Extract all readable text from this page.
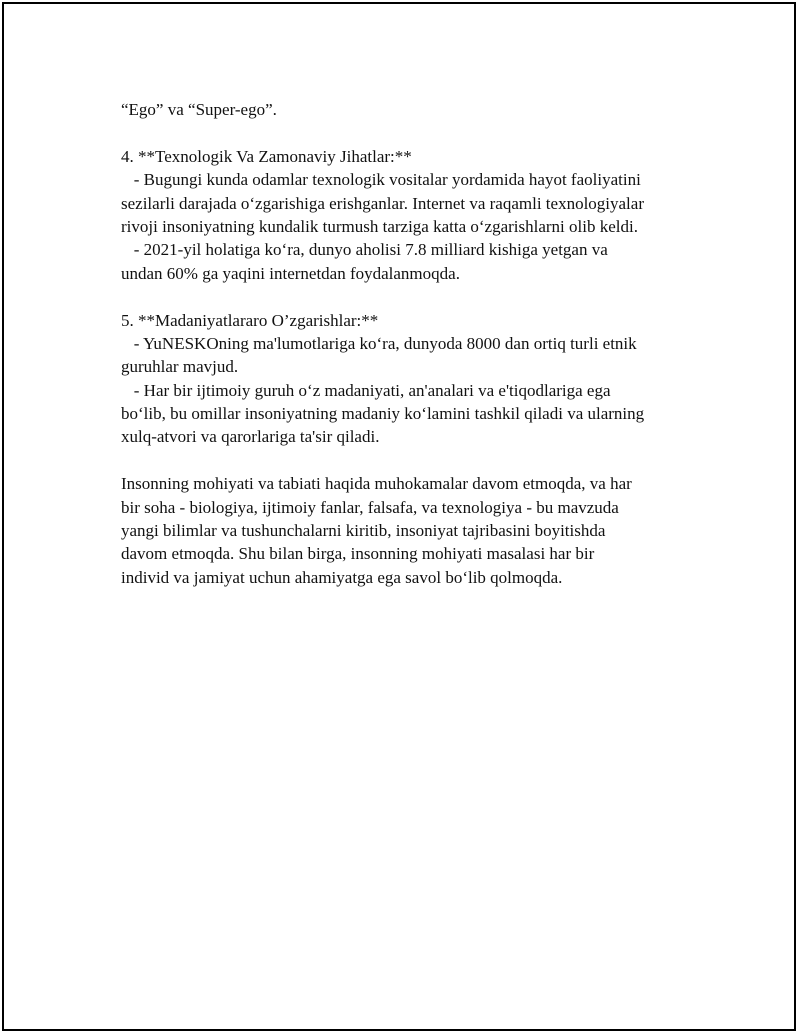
“Ego” va “Super-ego”.

4. **Texnologik Va Zamonaviy Jihatlar:**

- Bugungi kunda odamlar texnologik vositalar yordamida hayot faoliyatini

sezilarli darajada o‘zgarishiga erishganlar. Internet va raqamli texnologiyalar

rivoji insoniyatning kundalik turmush tarziga katta o‘zgarishlarni olib keldi.

- 2021-yil holatiga ko‘ra, dunyo aholisi 7.8 milliard kishiga yetgan va

undan 60% ga yaqini internetdan foydalanmoqda.

5. **Madaniyatlararo O’zgarishlar:**

- YuNESKOning ma'lumotlariga ko‘ra, dunyoda 8000 dan ortiq turli etnik

guruhlar mavjud.

- Har bir ijtimoiy guruh o‘z madaniyati, an'analari va e'tiqodlariga ega

bo‘lib, bu omillar insoniyatning madaniy ko‘lamini tashkil qiladi va ularning

xulq-atvori va qarorlariga ta'sir qiladi.

Insonning mohiyati va tabiati haqida muhokamalar davom etmoqda, va har

bir soha - biologiya, ijtimoiy fanlar, falsafa, va texnologiya - bu mavzuda

yangi bilimlar va tushunchalarni kiritib, insoniyat tajribasini boyitishda

davom etmoqda. Shu bilan birga, insonning mohiyati masalasi har bir

individ va jamiyat uchun ahamiyatga ega savol bo‘lib qolmoqda.
